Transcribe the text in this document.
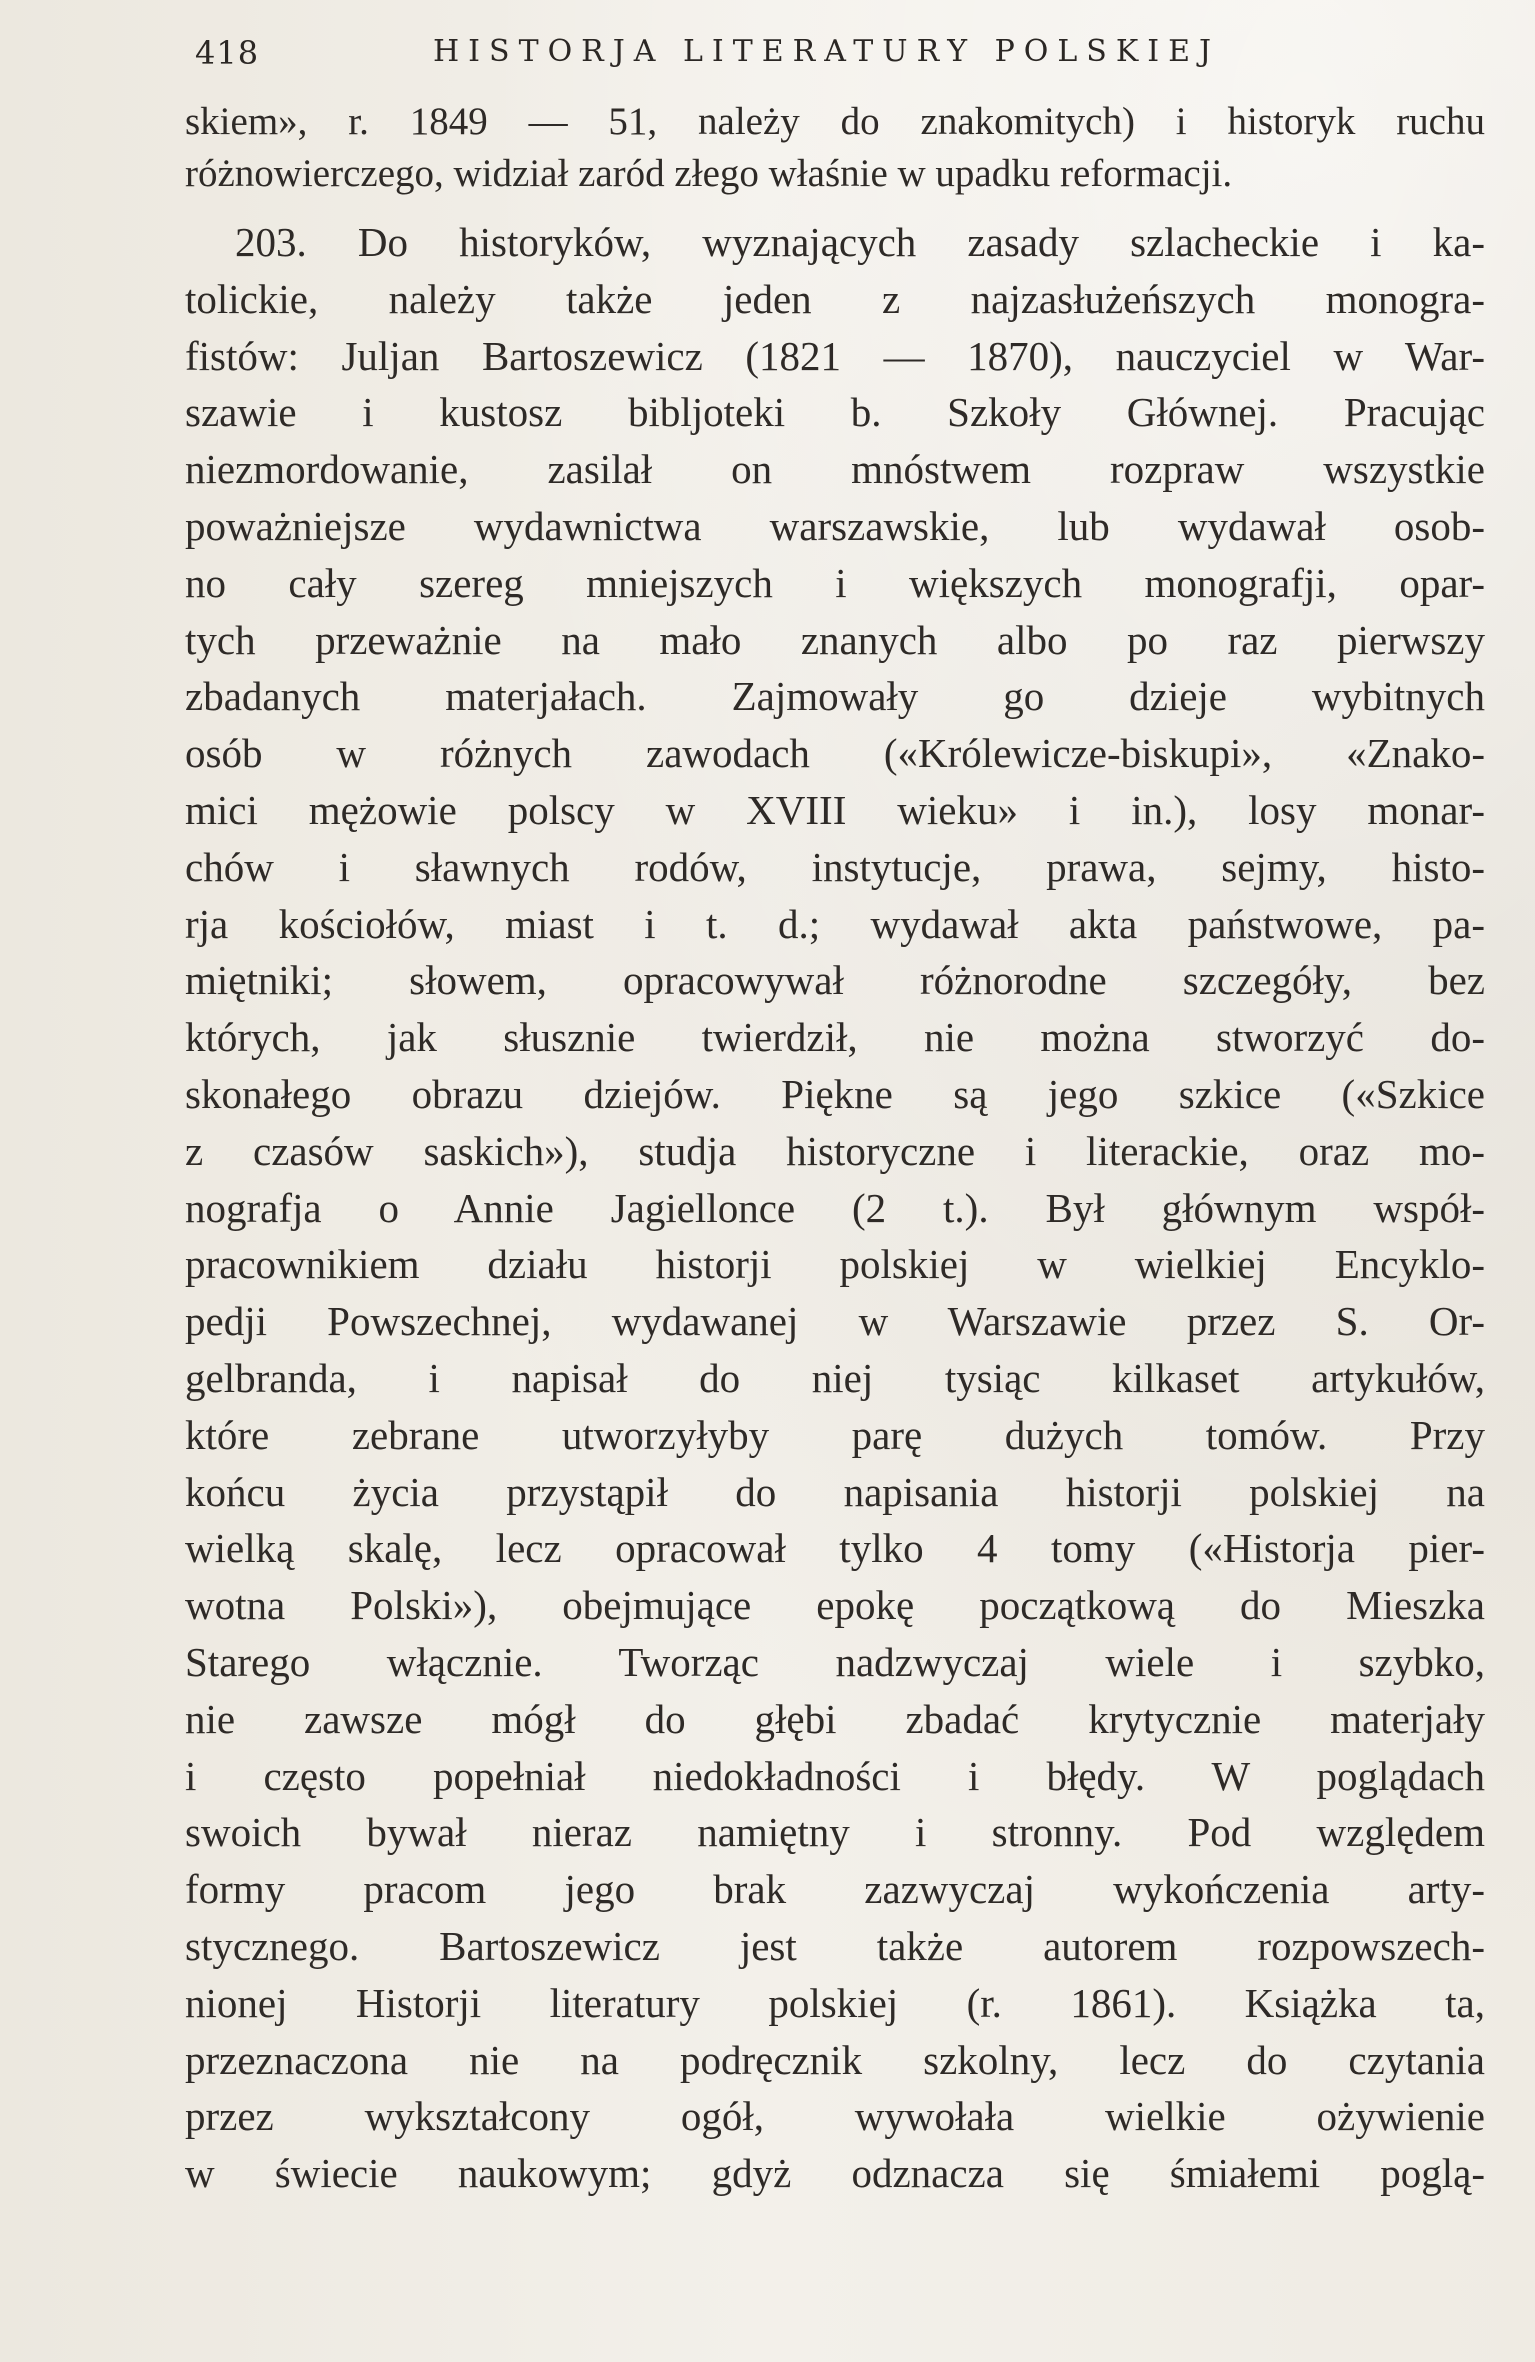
418	HISTORJA LITERATURY POLSKIEJ
skiem», r. 1849 — 51, należy do znakomitych) i historyk ruchu
różnowierczego, widział zaród złego właśnie w upadku reformacji.
203. Do historyków, wyznających zasady szlacheckie i ka-
tolickie, należy także jeden z najzasłużeńszych monogra-
fistów: Juljan Bartoszewicz (1821 — 1870), nauczyciel w War-
szawie i kustosz bibljoteki b. Szkoły Głównej. Pracując
niezmordowanie, zasilał on mnóstwem rozpraw wszystkie
poważniejsze wydawnictwa warszawskie, lub wydawał osob-
no cały szereg mniejszych i większych monografji, opar-
tych przeważnie na mało znanych albo po raz pierwszy
zbadanych materjałach. Zajmowały go dzieje wybitnych
osób w różnych zawodach («Królewicze-biskupi», «Znako-
mici mężowie polscy w XVIII wieku» i in.), losy monar-
chów i sławnych rodów, instytucje, prawa, sejmy, histo-
rja kościołów, miast i t. d.; wydawał akta państwowe, pa-
miętniki; słowem, opracowywał różnorodne szczegóły, bez
których, jak słusznie twierdził, nie można stworzyć do-
skonałego obrazu dziejów. Piękne są jego szkice («Szkice
z czasów saskich»), studja historyczne i literackie, oraz mo-
nografja o Annie Jagiellonce (2 t.). Był głównym współ-
pracownikiem działu historji polskiej w wielkiej Encyklo-
pedji Powszechnej, wydawanej w Warszawie przez S. Or-
gelbranda, i napisał do niej tysiąc kilkaset artykułów,
które zebrane utworzyłyby parę dużych tomów. Przy
końcu życia przystąpił do napisania historji polskiej na
wielką skalę, lecz opracował tylko 4 tomy («Historja pier-
wotna Polski»), obejmujące epokę początkową do Mieszka
Starego włącznie. Tworząc nadzwyczaj wiele i szybko,
nie zawsze mógł do głębi zbadać krytycznie materjały
i często popełniał niedokładności i błędy. W poglądach
swoich bywał nieraz namiętny i stronny. Pod względem
formy pracom jego brak zazwyczaj wykończenia arty-
stycznego. Bartoszewicz jest także autorem rozpowszech-
nionej Historji literatury polskiej (r. 1861). Książka ta,
przeznaczona nie na podręcznik szkolny, lecz do czytania
przez wykształcony ogół, wywołała wielkie ożywienie
w świecie naukowym; gdyż odznacza się śmiałemi poglą-
